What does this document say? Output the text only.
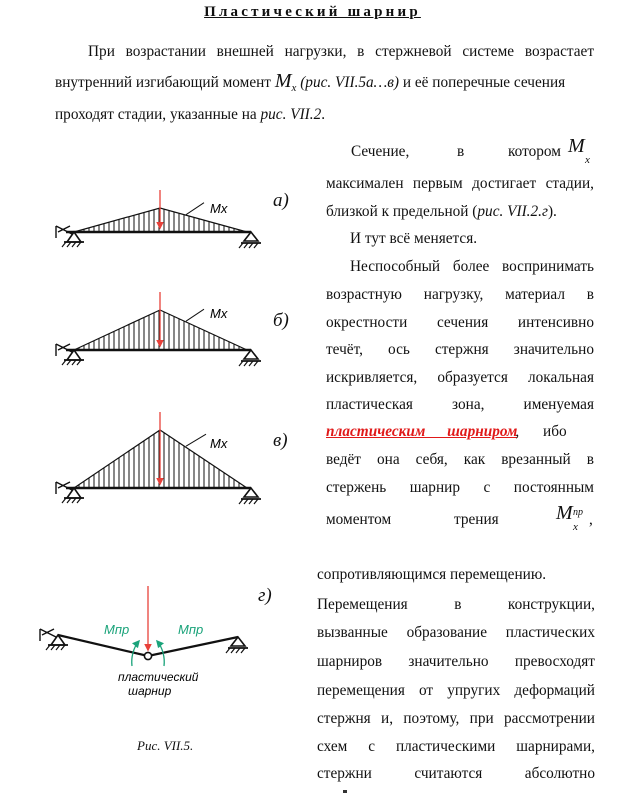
Пластический шарнир
При возрастании внешней нагрузки, в стержневой системе возрастает
внутренний изгибающий момент $M_x$ (рис. VII.5а…в) и её поперечные сечения
проходят стадии, указанные на рис. VII.2.
Сечение,	в	котором M
x
максимален первым достигает стадии,
близкой к предельной (рис. VII.2.г).
И тут всё меняется.
Неспособный более воспринимать
возрастную нагрузку, материал в
окрестности сечения интенсивно
течёт, ось стержня значительно
искривляется, образуется локальная
пластическая зона, именуемая
пластическим шарниром, ибо
ведёт она себя, как врезанный в
стержень шарнир с постоянным
моментом	трения	M пр
x ,
сопротивляющимся перемещению.
Перемещения в конструкции,
вызванные образование пластических
шарниров значительно превосходят
перемещения от упругих деформаций
стержня и, поэтому, при рассмотрении
схем с пластическими шарнирами,
стержни считаются абсолютно
а)
б)
в)
г)
Рис. VII.5.
Mx
Mx
Mx
Mпр	Mпр
пластический
шарнир
